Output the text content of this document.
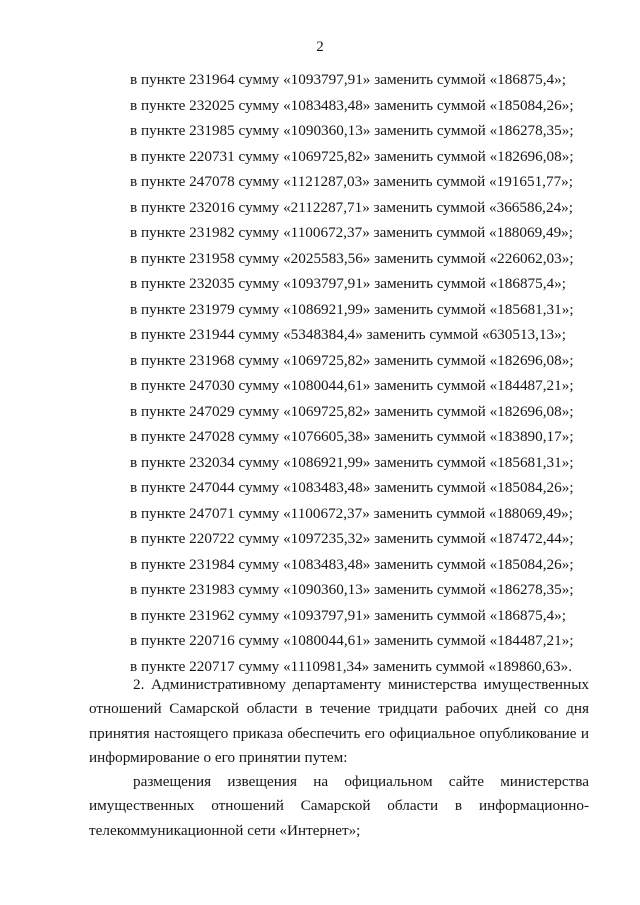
2
в пункте 231964 сумму «1093797,91» заменить суммой «186875,4»;
в пункте 232025 сумму «1083483,48» заменить суммой «185084,26»;
в пункте 231985 сумму «1090360,13» заменить суммой «186278,35»;
в пункте 220731 сумму «1069725,82» заменить суммой «182696,08»;
в пункте 247078 сумму «1121287,03» заменить суммой «191651,77»;
в пункте 232016 сумму «2112287,71» заменить суммой «366586,24»;
в пункте 231982 сумму «1100672,37» заменить суммой «188069,49»;
в пункте 231958 сумму «2025583,56» заменить суммой «226062,03»;
в пункте 232035 сумму «1093797,91» заменить суммой «186875,4»;
в пункте 231979 сумму «1086921,99» заменить суммой «185681,31»;
в пункте 231944 сумму «5348384,4» заменить суммой «630513,13»;
в пункте 231968 сумму «1069725,82» заменить суммой «182696,08»;
в пункте 247030 сумму «1080044,61» заменить суммой «184487,21»;
в пункте 247029 сумму «1069725,82» заменить суммой «182696,08»;
в пункте 247028 сумму «1076605,38» заменить суммой «183890,17»;
в пункте 232034 сумму «1086921,99» заменить суммой «185681,31»;
в пункте 247044 сумму «1083483,48» заменить суммой «185084,26»;
в пункте 247071 сумму «1100672,37» заменить суммой «188069,49»;
в пункте 220722 сумму «1097235,32» заменить суммой «187472,44»;
в пункте 231984 сумму «1083483,48» заменить суммой «185084,26»;
в пункте 231983 сумму «1090360,13» заменить суммой «186278,35»;
в пункте 231962 сумму «1093797,91» заменить суммой «186875,4»;
в пункте 220716 сумму «1080044,61» заменить суммой «184487,21»;
в пункте 220717 сумму «1110981,34» заменить суммой «189860,63».

2. Административному департаменту министерства имущественных отношений Самарской области в течение тридцати рабочих дней со дня принятия настоящего приказа обеспечить его официальное опубликование и информирование о его принятии путем:

размещения извещения на официальном сайте министерства имущественных отношений Самарской области в информационно-телекоммуникационной сети «Интернет»;
